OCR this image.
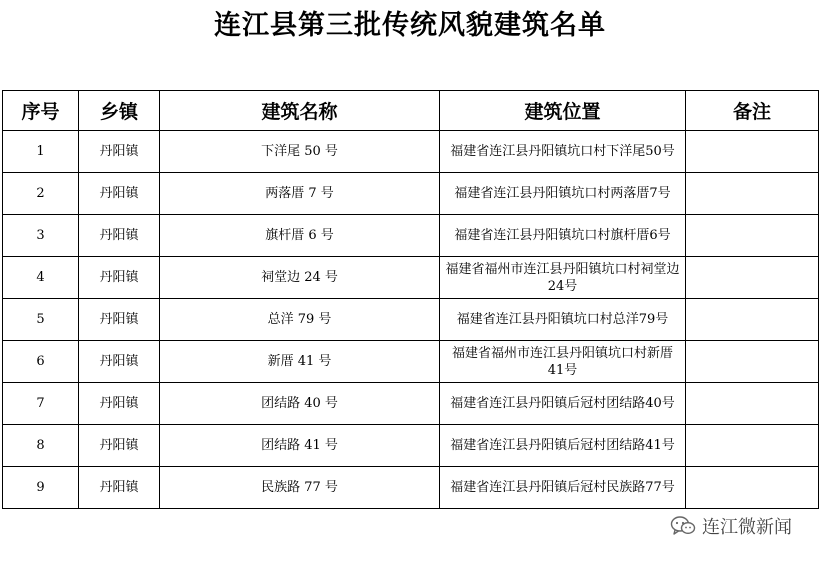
连江县第三批传统风貌建筑名单
序号	乡镇	建筑名称	建筑位置	备注
1	丹阳镇	下洋尾 50 号	福建省连江县丹阳镇坑口村下洋尾50号	
2	丹阳镇	两落厝 7 号	福建省连江县丹阳镇坑口村两落厝7号	
3	丹阳镇	旗杆厝 6 号	福建省连江县丹阳镇坑口村旗杆厝6号	
4	丹阳镇	祠堂边 24 号	福建省福州市连江县丹阳镇坑口村祠堂边24号	
5	丹阳镇	总洋 79 号	福建省连江县丹阳镇坑口村总洋79号	
6	丹阳镇	新厝 41 号	福建省福州市连江县丹阳镇坑口村新厝41号	
7	丹阳镇	团结路 40 号	福建省连江县丹阳镇后冠村团结路40号	
8	丹阳镇	团结路 41 号	福建省连江县丹阳镇后冠村团结路41号	
9	丹阳镇	民族路 77 号	福建省连江县丹阳镇后冠村民族路77号	
连江微新闻
